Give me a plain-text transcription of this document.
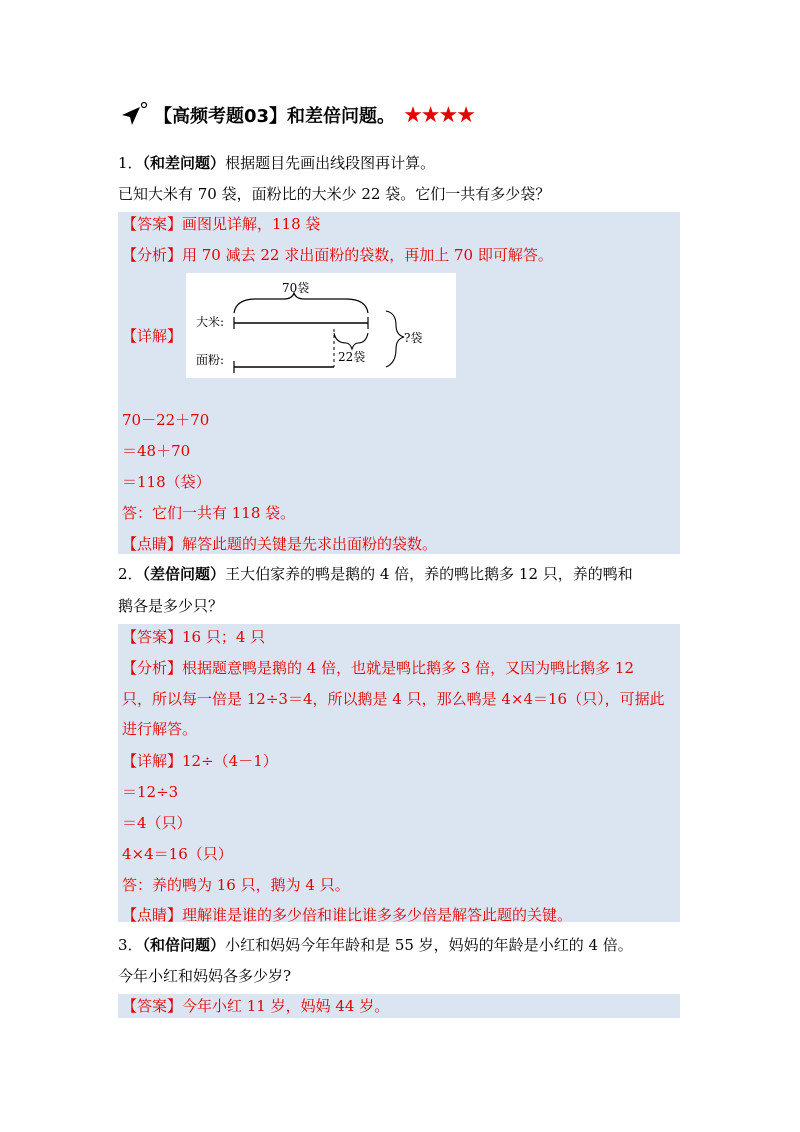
【高频考题03】和差倍问题。 ★★★★
1．（和差问题）根据题目先画出线段图再计算。
已知大米有 70 袋，面粉比的大米少 22 袋。它们一共有多少袋？
【答案】画图见详解，118 袋
【分析】用 70 减去 22 求出面粉的袋数，再加上 70 即可解答。
【详解】
70－22＋70
＝48＋70
＝118（袋）
答：它们一共有 118 袋。
【点睛】解答此题的关键是先求出面粉的袋数。
70袋
大米:
22袋
面粉:
?袋
2．（差倍问题）王大伯家养的鸭是鹅的 4 倍，养的鸭比鹅多 12 只，养的鸭和
鹅各是多少只？
【答案】16 只；4 只
【分析】根据题意鸭是鹅的 4 倍，也就是鸭比鹅多 3 倍，又因为鸭比鹅多 12
只，所以每一倍是 12÷3＝4，所以鹅是 4 只，那么鸭是 4×4＝16（只），可据此
进行解答。
【详解】12÷（4－1）
＝12÷3
＝4（只）
4×4＝16（只）
答：养的鸭为 16 只，鹅为 4 只。
【点睛】理解谁是谁的多少倍和谁比谁多多少倍是解答此题的关键。
3．（和倍问题）小红和妈妈今年年龄和是 55 岁，妈妈的年龄是小红的 4 倍。
今年小红和妈妈各多少岁?
【答案】今年小红 11 岁，妈妈 44 岁。
